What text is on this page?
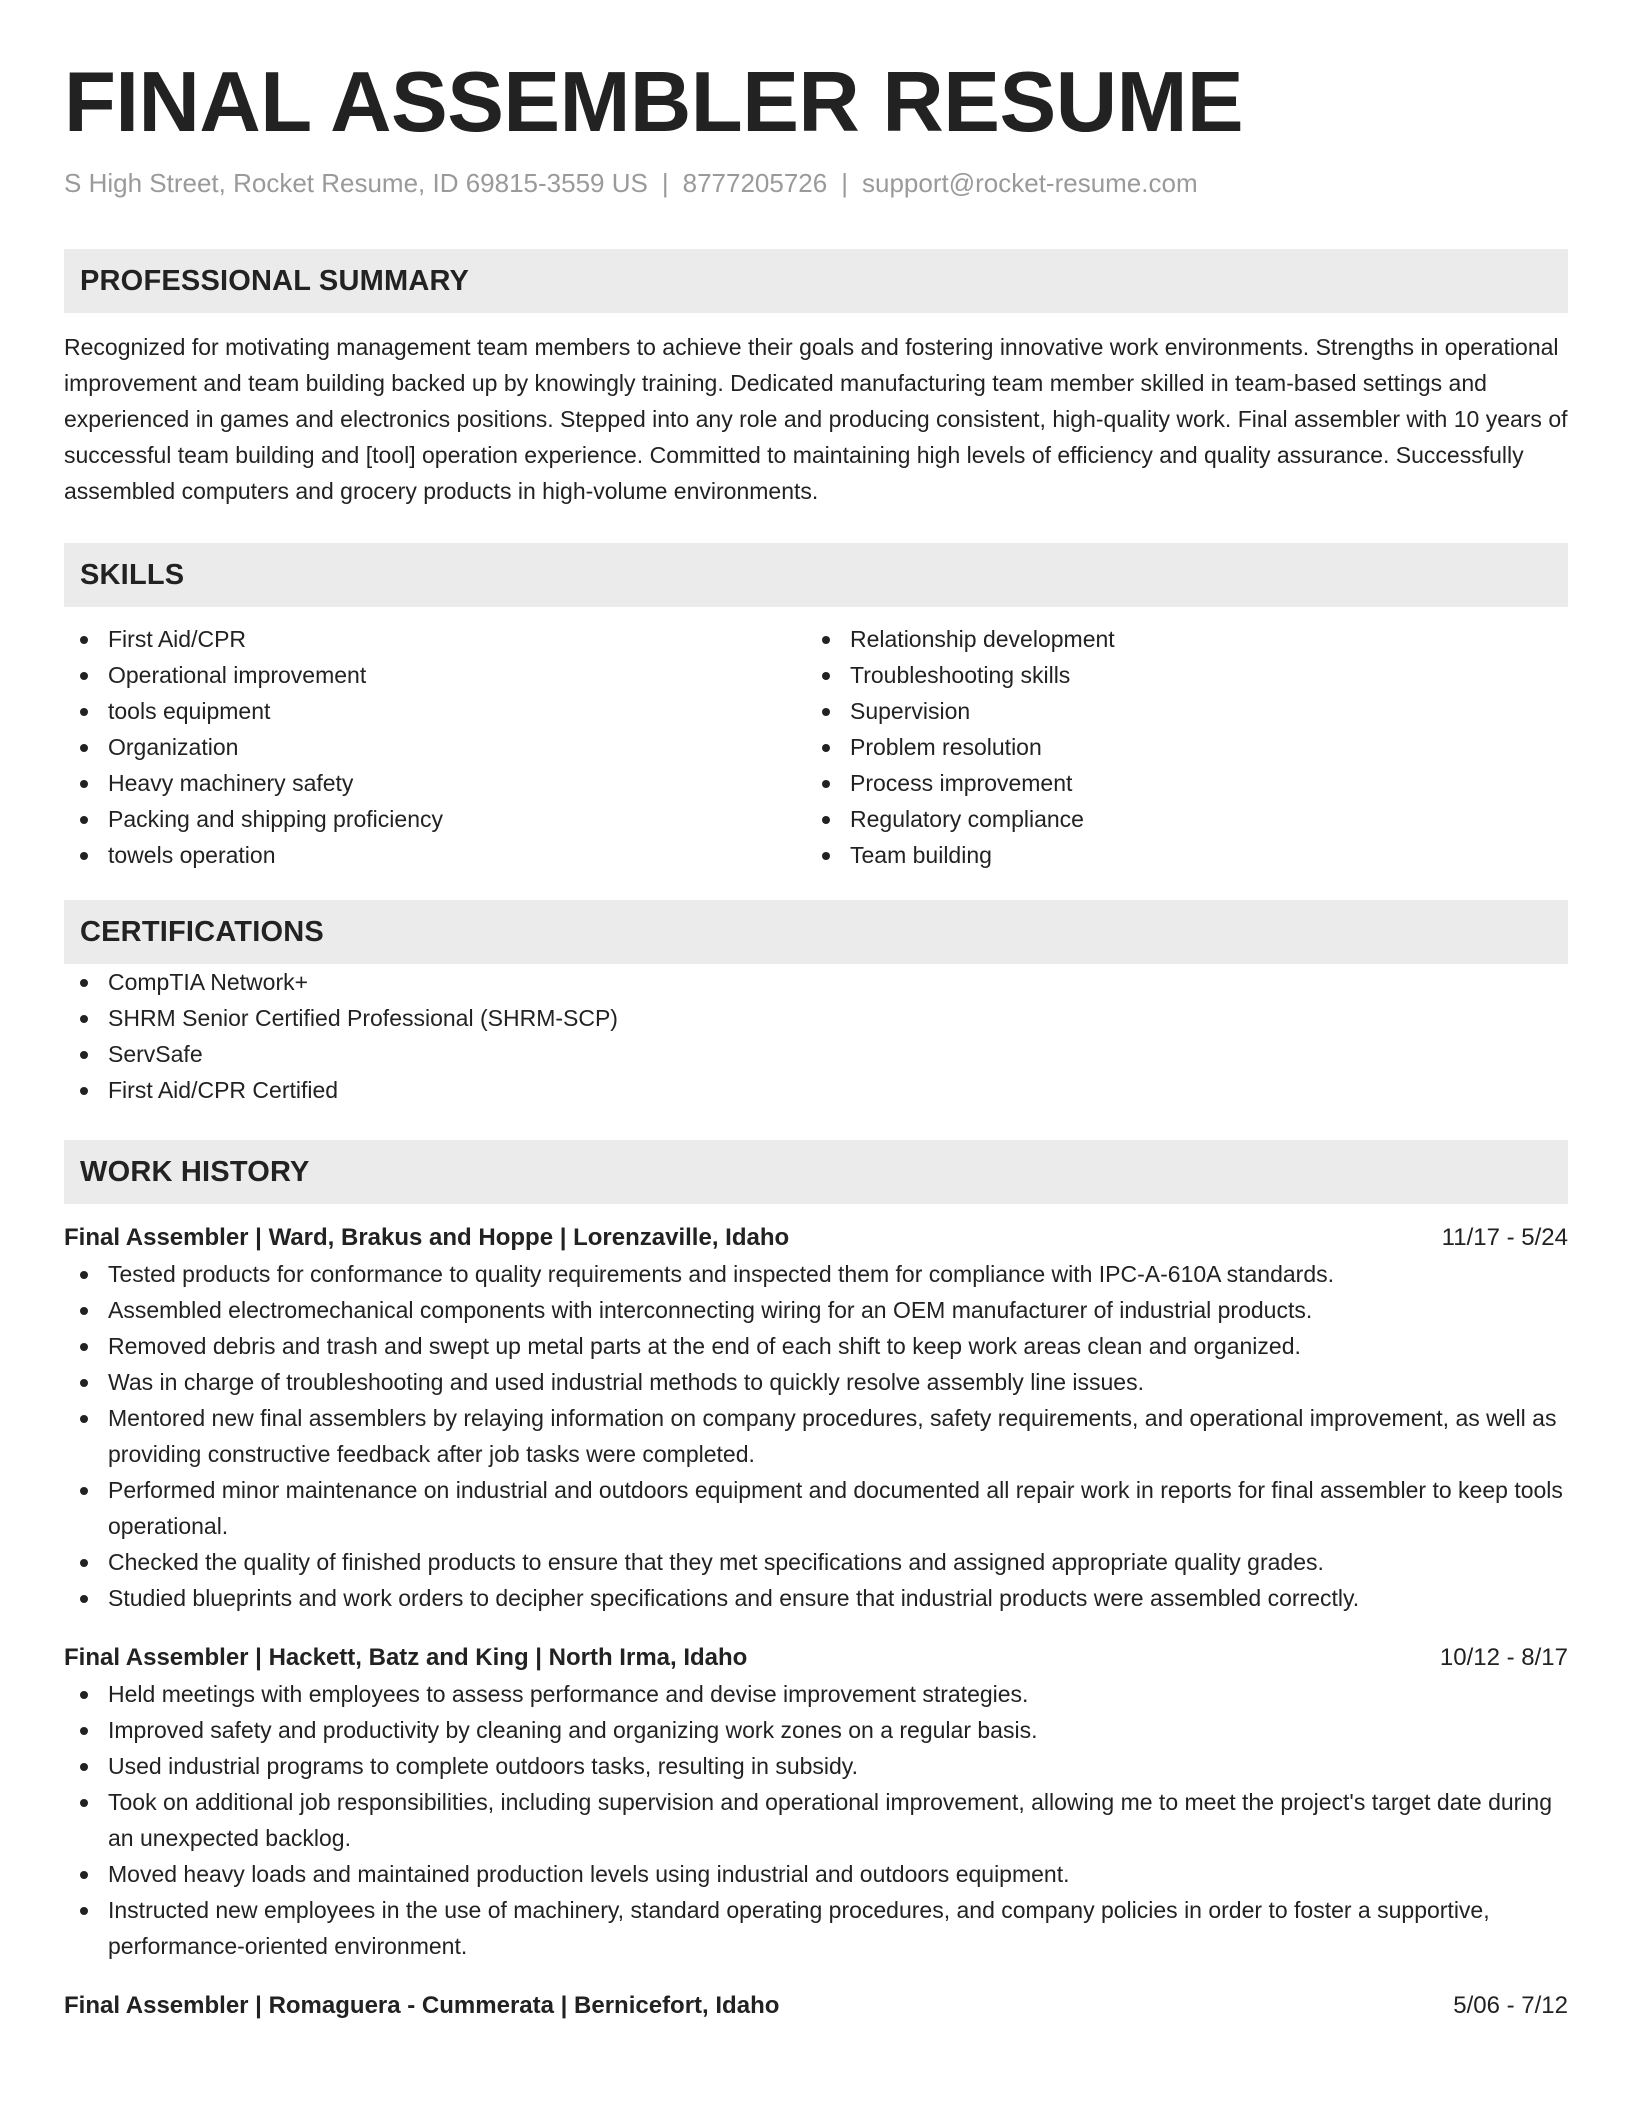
FINAL ASSEMBLER RESUME
S High Street, Rocket Resume, ID 69815-3559 US | 8777205726 | support@rocket-resume.com
PROFESSIONAL SUMMARY
Recognized for motivating management team members to achieve their goals and fostering innovative work environments. Strengths in operational improvement and team building backed up by knowingly training. Dedicated manufacturing team member skilled in team-based settings and experienced in games and electronics positions. Stepped into any role and producing consistent, high-quality work. Final assembler with 10 years of successful team building and [tool] operation experience. Committed to maintaining high levels of efficiency and quality assurance. Successfully assembled computers and grocery products in high-volume environments.
SKILLS
First Aid/CPR
Operational improvement
tools equipment
Organization
Heavy machinery safety
Packing and shipping proficiency
towels operation
Relationship development
Troubleshooting skills
Supervision
Problem resolution
Process improvement
Regulatory compliance
Team building
CERTIFICATIONS
CompTIA Network+
SHRM Senior Certified Professional (SHRM-SCP)
ServSafe
First Aid/CPR Certified
WORK HISTORY
Final Assembler | Ward, Brakus and Hoppe | Lorenzaville, Idaho	11/17 - 5/24
Tested products for conformance to quality requirements and inspected them for compliance with IPC-A-610A standards.
Assembled electromechanical components with interconnecting wiring for an OEM manufacturer of industrial products.
Removed debris and trash and swept up metal parts at the end of each shift to keep work areas clean and organized.
Was in charge of troubleshooting and used industrial methods to quickly resolve assembly line issues.
Mentored new final assemblers by relaying information on company procedures, safety requirements, and operational improvement, as well as providing constructive feedback after job tasks were completed.
Performed minor maintenance on industrial and outdoors equipment and documented all repair work in reports for final assembler to keep tools operational.
Checked the quality of finished products to ensure that they met specifications and assigned appropriate quality grades.
Studied blueprints and work orders to decipher specifications and ensure that industrial products were assembled correctly.
Final Assembler | Hackett, Batz and King | North Irma, Idaho	10/12 - 8/17
Held meetings with employees to assess performance and devise improvement strategies.
Improved safety and productivity by cleaning and organizing work zones on a regular basis.
Used industrial programs to complete outdoors tasks, resulting in subsidy.
Took on additional job responsibilities, including supervision and operational improvement, allowing me to meet the project's target date during an unexpected backlog.
Moved heavy loads and maintained production levels using industrial and outdoors equipment.
Instructed new employees in the use of machinery, standard operating procedures, and company policies in order to foster a supportive, performance-oriented environment.
Final Assembler | Romaguera - Cummerata | Bernicefort, Idaho	5/06 - 7/12
